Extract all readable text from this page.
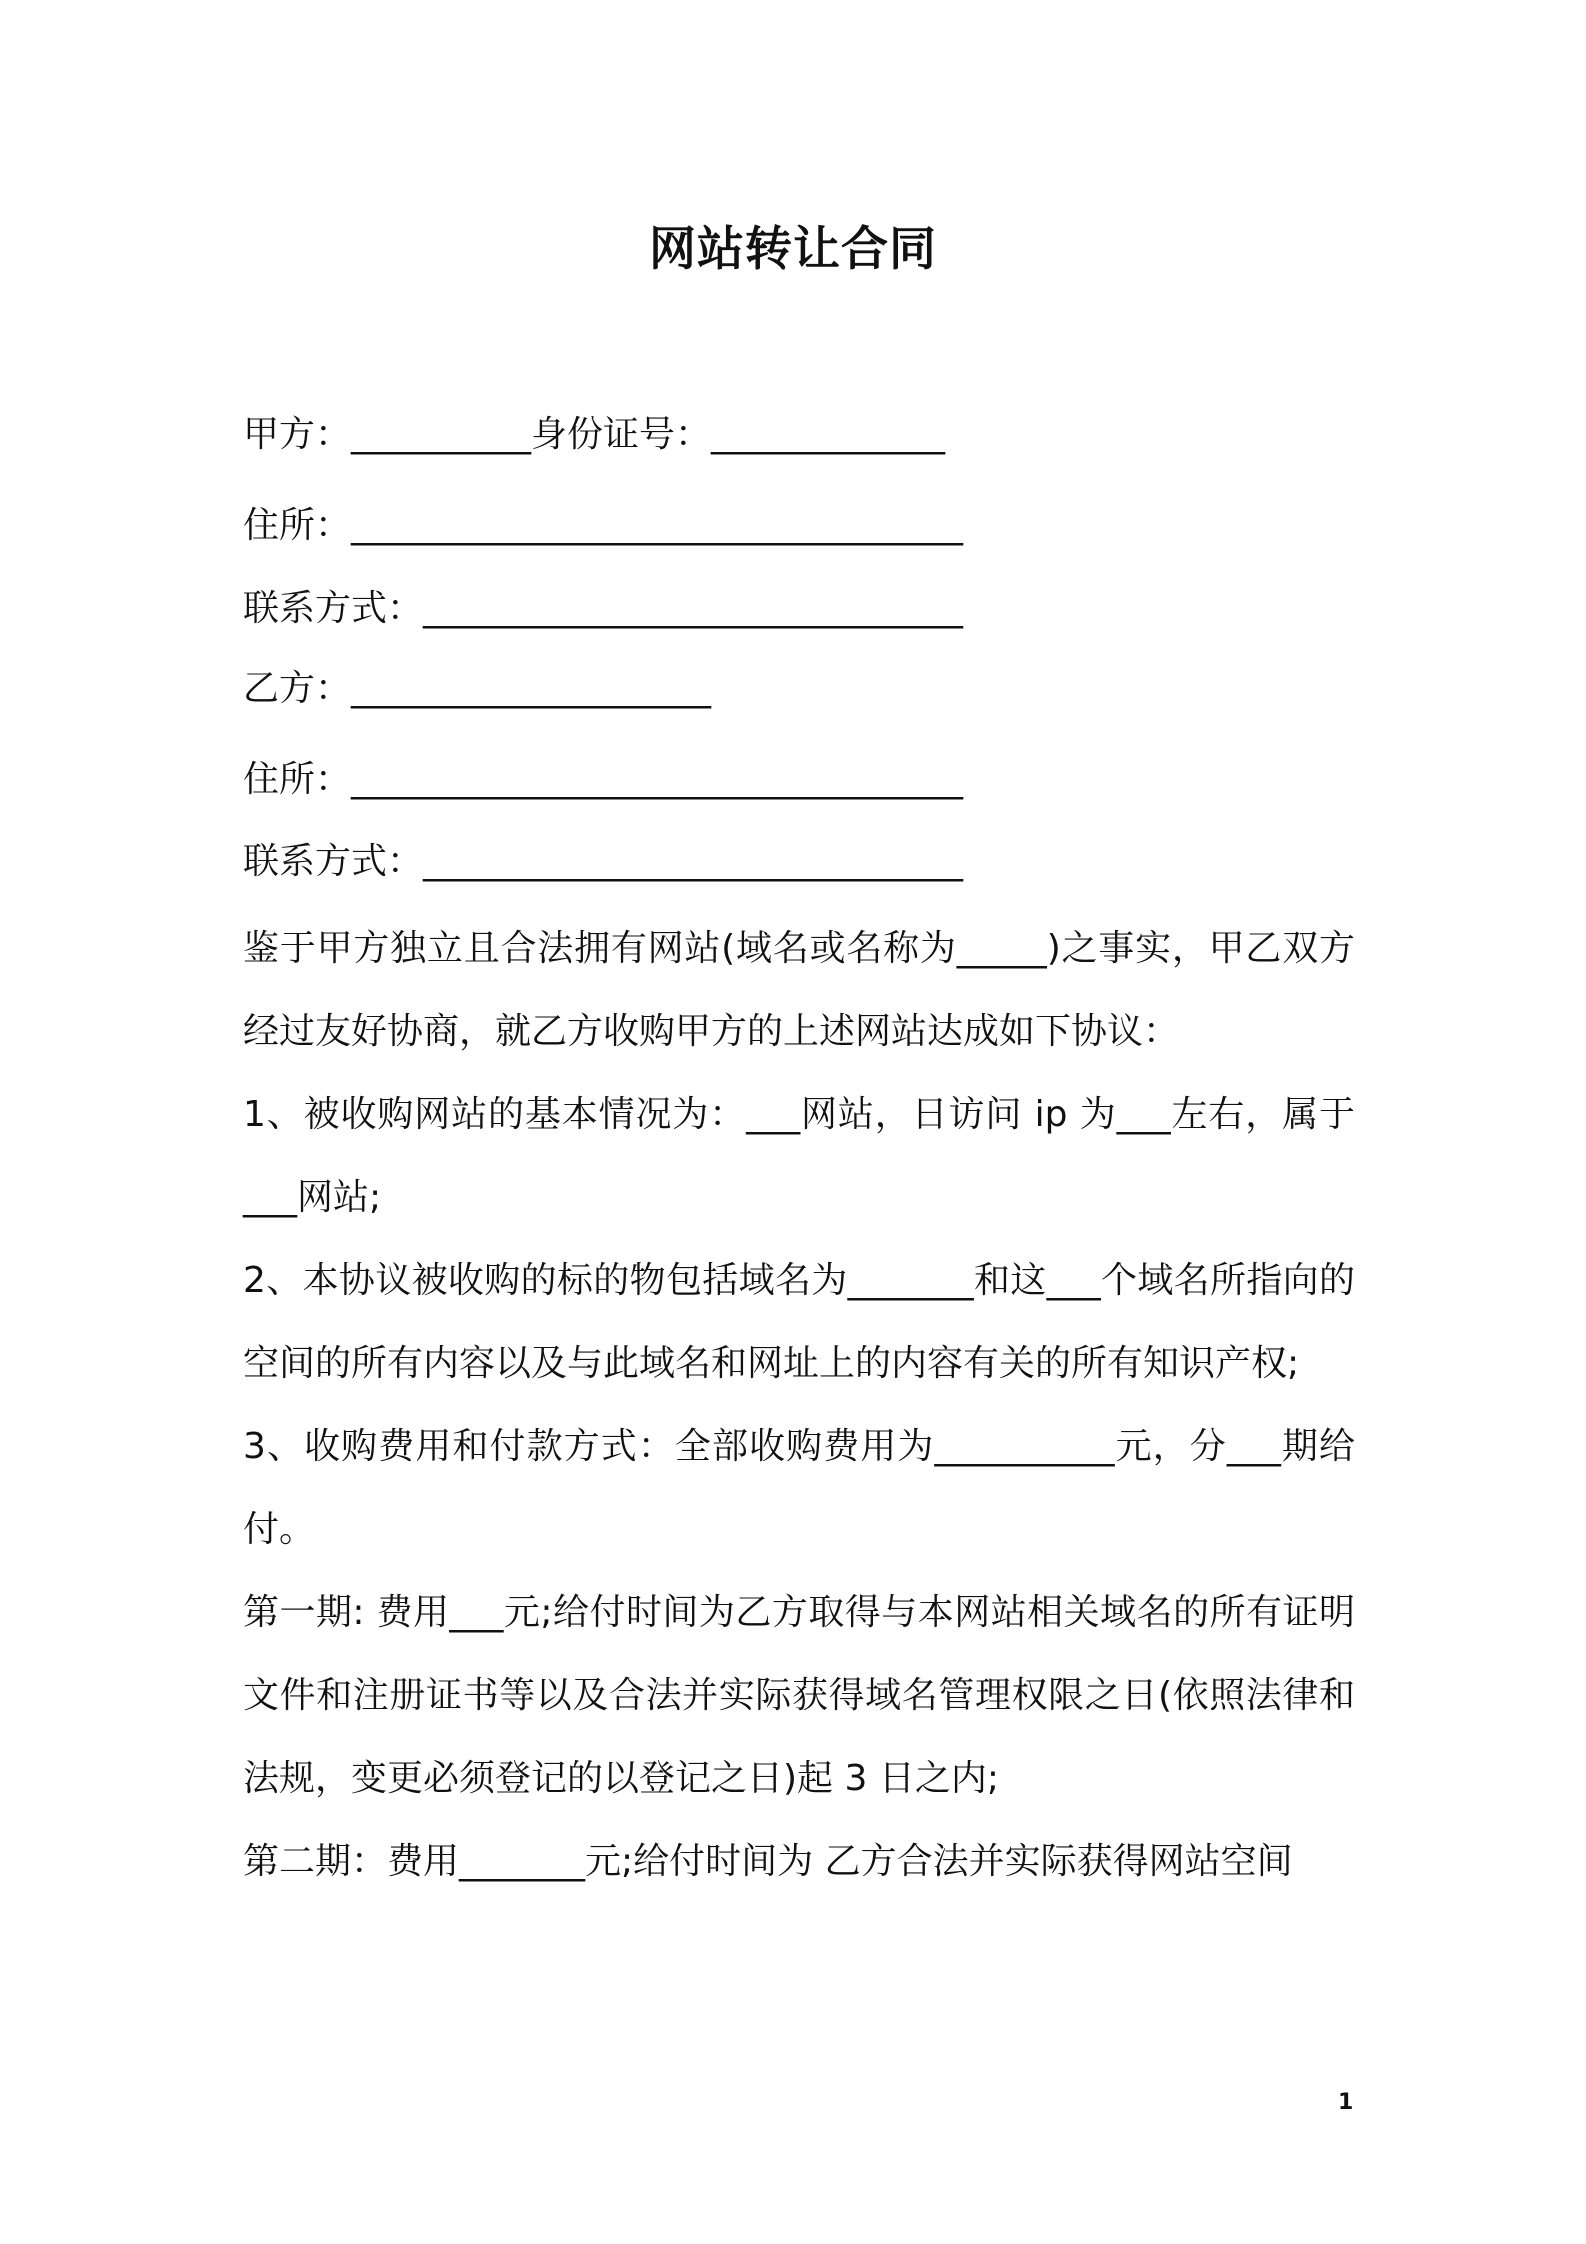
网站转让合同
甲方：__________身份证号：_____________
住所：__________________________________
联系方式：______________________________
乙方：____________________
住所：__________________________________
联系方式：______________________________

鉴于甲方独立且合法拥有网站(域名或名称为_____)之事实，甲乙双方经过友好协商，就乙方收购甲方的上述网站达成如下协议：

1、被收购网站的基本情况为：___网站，日访问 ip 为___左右，属于___网站;

2、本协议被收购的标的物包括域名为_______和这___个域名所指向的空间的所有内容以及与此域名和网址上的内容有关的所有知识产权;

3、收购费用和付款方式：全部收购费用为__________元，分___期给付。

第一期: 费用___元;给付时间为乙方取得与本网站相关域名的所有证明文件和注册证书等以及合法并实际获得域名管理权限之日(依照法律和法规，变更必须登记的以登记之日)起 3 日之内;

第二期：费用_______元;给付时间为 乙方合法并实际获得网站空间

1
